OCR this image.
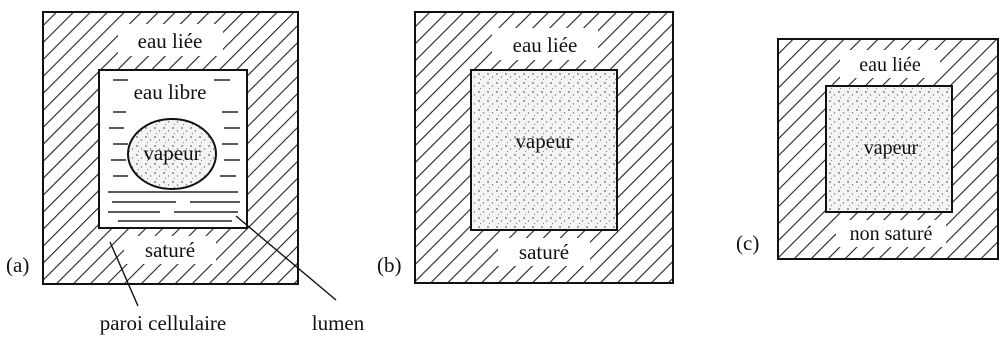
eau liée
eau libre
vapeur
saturé
(a)
paroi cellulaire	lumen
eau liée
vapeur
saturé
(b)
eau liée
vapeur
non saturé
(c)
